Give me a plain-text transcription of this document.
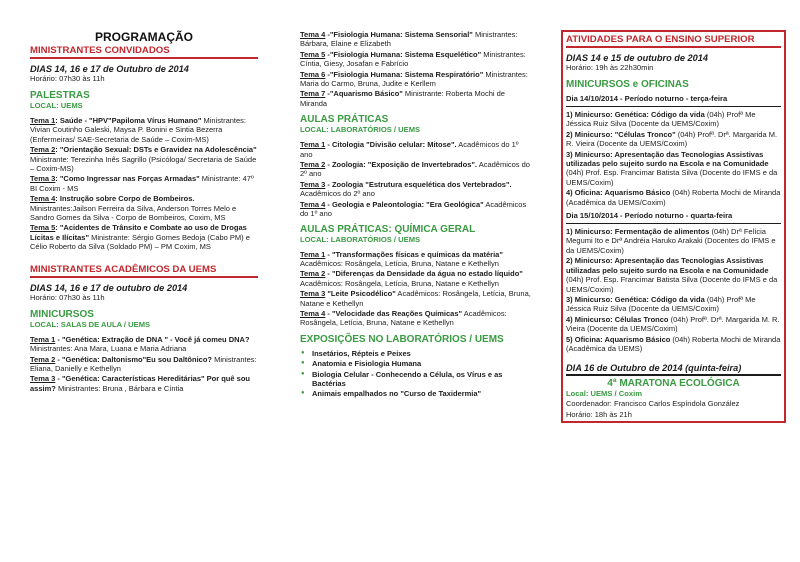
PROGRAMAÇÃO
MINISTRANTES CONVIDADOS
DIAS 14, 16 e 17 de Outubro de 2014
Horário: 07h30 às 11h
PALESTRAS
LOCAL: UEMS
Tema 1: Saúde - "HPV"Papiloma Vírus Humano" Ministrantes: Vivian Coutinho Galeski, Maysa P. Bonini e Sintia Bezerra (Enfermeiras/ SAE-Secretaria de Saúde – Coxim-MS)
Tema 2: "Orientação Sexual: DSTs e Gravidez na Adolescência" Ministrante: Terezinha Inês Sagrillo (Psicóloga/ Secretaria de Saúde – Coxim-MS)
Tema 3: "Como Ingressar nas Forças Armadas" Ministrante: 47º BI Coxim - MS
Tema 4: Instrução sobre Corpo de Bombeiros. Ministrantes:Jailson Ferreira da Silva, Anderson Torres Melo e Sandro Gomes da Silva - Corpo de Bombeiros, Coxim, MS
Tema 5: "Acidentes de Trânsito e Combate ao uso de Drogas Lícitas e Ilícitas" Ministrante: Sérgio Gomes Bedoja (Cabo PM) e Célio Roberto da Silva (Soldado PM) – PM Coxim, MS
MINISTRANTES ACADÊMICOS DA UEMS
DIAS 14, 16 e 17 de outubro de 2014
Horário: 07h30 às 11h
MINICURSOS
LOCAL: SALAS DE AULA / UEMS
Tema 1 - "Genética: Extração de DNA " - Você já comeu DNA? Ministrantes: Ana Mara, Luana e Maria Adriana
Tema 2 - "Genética: Daltonismo"Eu sou Daltônico? Ministrantes: Eliana, Danielly e Kethellyn
Tema 3 - "Genética: Características Hereditárias" Por quê sou assim? Ministrantes: Bruna , Bárbara e Cíntia
Tema 4 -"Fisiologia Humana: Sistema Sensorial" Ministrantes: Bárbara, Elaine e Elizabeth
Tema 5 -"Fisiologia Humana: Sistema Esquelético" Ministrantes: Cíntia, Giesy, Josafan e Fabrício
Tema 6 -"Fisiologia Humana: Sistema Respiratório" Ministrantes: Maria do Carmo, Bruna, Judite e Kerllem
Tema 7 -"Aquarismo Básico" Ministrante: Roberta Mochi de Miranda
AULAS PRÁTICAS
LOCAL: LABORATÓRIOS / UEMS
Tema 1 - Citologia "Divisão celular: Mitose". Acadêmicos do 1º ano
Tema 2 - Zoologia: "Exposição de Invertebrados". Acadêmicos do 2º ano
Tema 3 - Zoologia "Estrutura esquelética dos Vertebrados". Acadêmicos do 2º ano
Tema 4 - Geologia e Paleontologia: "Era Geológica" Acadêmicos do 1º ano
AULAS PRÁTICAS: QUÍMICA GERAL
LOCAL: LABORATÓRIOS / UEMS
Tema 1 - "Transformações físicas e químicas da matéria" Acadêmicos: Rosângela, Letícia, Bruna, Natane e Kethellyn
Tema 2 - "Diferenças da Densidade da água no estado líquido" Acadêmicos: Rosângela, Letícia, Bruna, Natane e Kethellyn
Tema 3 "Leite Psicodélico" Acadêmicos: Rosângela, Letícia, Bruna, Natane e Kethellyn
Tema 4 - "Velocidade das Reações Químicas" Acadêmicos: Rosângela, Letícia, Bruna, Natane e Kethellyn
EXPOSIÇÕES NO LABORATÓRIOS / UEMS
● Insetários, Répteis e Peixes
● Anatomia e Fisiologia Humana
● Biologia Celular - Conhecendo a Célula, os Vírus e as Bactérias
● Animais empalhados no "Curso de Taxidermia"
ATIVIDADES PARA O ENSINO SUPERIOR
DIAS 14 e 15 de outubro de 2014
Horário: 19h às 22h30min
MINICURSOS e OFICINAS
Dia 14/10/2014 - Período noturno - terça-feira
1) Minicurso: Genética: Código da vida (04h) Profª Me Jéssica Ruiz Silva (Docente da UEMS/Coxim)
2) Minicurso: "Células Tronco" (04h) Profª. Drª. Margarida M. R. Vieira (Docente da UEMS/Coxim)
3) Minicurso: Apresentação das Tecnologias Assistivas utilizadas pelo sujeito surdo na Escola e na Comunidade (04h) Prof. Esp. Francimar Batista Silva (Docente do IFMS e da UEMS/Coxim)
4) Oficina: Aquarismo Básico (04h) Roberta Mochi de Miranda (Acadêmica da UEMS/Coxim)
Dia 15/10/2014 - Período noturno - quarta-feira
1) Minicurso: Fermentação de alimentos (04h) Drª Felícia Megumi Ito e Drª Andréia Haruko Arakaki (Docentes do IFMS e da UEMS/Coxim)
2) Minicurso: Apresentação das Tecnologias Assistivas utilizadas pelo sujeito surdo na Escola e na Comunidade (04h) Prof. Esp. Francimar Batista Silva (Docente do IFMS e da UEMS/Coxim)
3) Minicurso: Genética: Código da vida (04h) Profª Me Jéssica Ruiz Silva (Docente da UEMS/Coxim)
4) Minicurso: Células Tronco (04h) Profª. Drª. Margarida M. R. Vieira (Docente da UEMS/Coxim)
5) Oficina: Aquarismo Básico (04h) Roberta Mochi de Miranda (Acadêmica da UEMS)
DIA 16 de Outubro de 2014 (quinta-feira)
4ª MARATONA ECOLÓGICA
Local: UEMS / Coxim
Coordenador: Francisco Carlos Espíndola González
Horário: 18h às 21h
